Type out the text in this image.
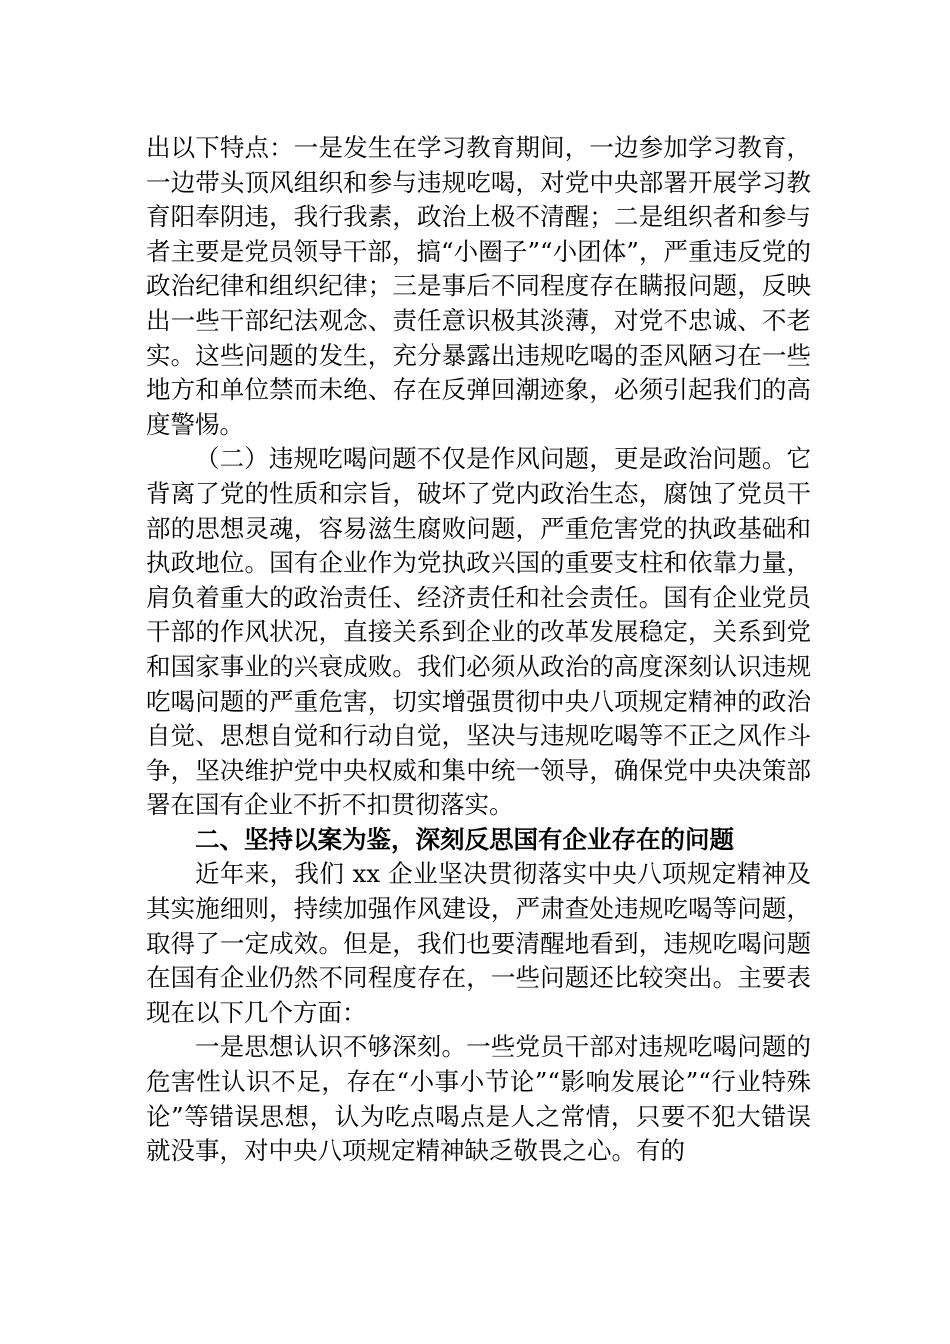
出以下特点：一是发生在学习教育期间，一边参加学习教育，一边带头顶风组织和参与违规吃喝，对党中央部署开展学习教育阳奉阴违，我行我素，政治上极不清醒；二是组织者和参与者主要是党员领导干部，搞“小圈子”“小团体”，严重违反党的政治纪律和组织纪律；三是事后不同程度存在瞒报问题，反映出一些干部纪法观念、责任意识极其淡薄，对党不忠诚、不老实。这些问题的发生，充分暴露出违规吃喝的歪风陋习在一些地方和单位禁而未绝、存在反弹回潮迹象，必须引起我们的高度警惕。

（二）违规吃喝问题不仅是作风问题，更是政治问题。它背离了党的性质和宗旨，破坏了党内政治生态，腐蚀了党员干部的思想灵魂，容易滋生腐败问题，严重危害党的执政基础和执政地位。国有企业作为党执政兴国的重要支柱和依靠力量，肩负着重大的政治责任、经济责任和社会责任。国有企业党员干部的作风状况，直接关系到企业的改革发展稳定，关系到党和国家事业的兴衰成败。我们必须从政治的高度深刻认识违规吃喝问题的严重危害，切实增强贯彻中央八项规定精神的政治自觉、思想自觉和行动自觉，坚决与违规吃喝等不正之风作斗争，坚决维护党中央权威和集中统一领导，确保党中央决策部署在国有企业不折不扣贯彻落实。

二、坚持以案为鉴，深刻反思国有企业存在的问题

近年来，我们 xx 企业坚决贯彻落实中央八项规定精神及其实施细则，持续加强作风建设，严肃查处违规吃喝等问题，取得了一定成效。但是，我们也要清醒地看到，违规吃喝问题在国有企业仍然不同程度存在，一些问题还比较突出。主要表现在以下几个方面：

一是思想认识不够深刻。一些党员干部对违规吃喝问题的危害性认识不足，存在“小事小节论”“影响发展论”“行业特殊论”等错误思想，认为吃点喝点是人之常情，只要不犯大错误就没事，对中央八项规定精神缺乏敬畏之心。有的
